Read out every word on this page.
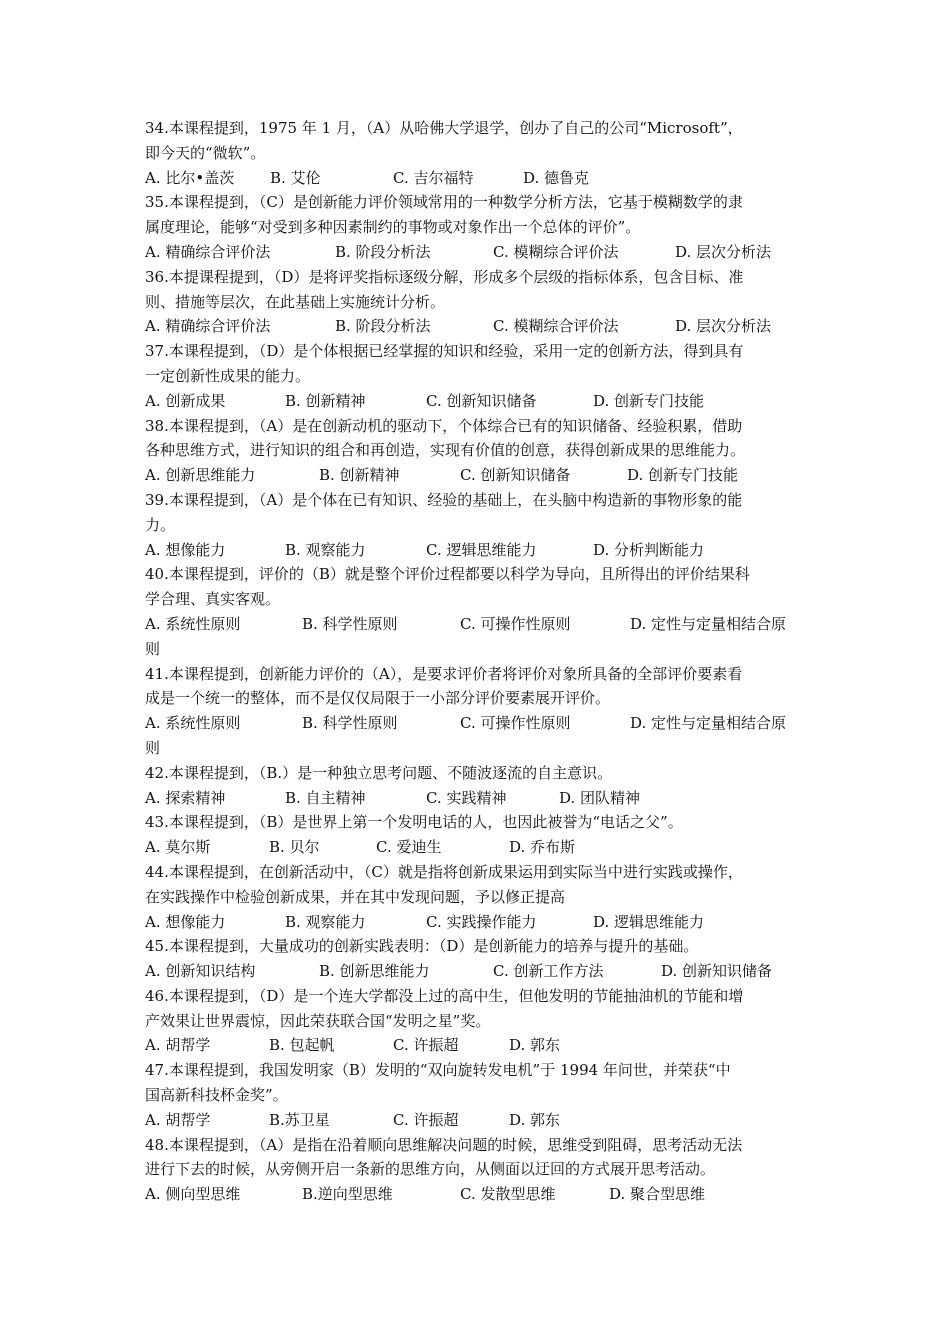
34.本课程提到，1975 年 1 月，（A）从哈佛大学退学，创办了自己的公司“Microsoft”，
即今天的“微软”。
A. 比尔•盖茨 B. 艾伦	C. 吉尔福特	D. 德鲁克
35.本课程提到，（C）是创新能力评价领域常用的一种数学分析方法，它基于模糊数学的隶
属度理论，能够“对受到多种因素制约的事物或对象作出一个总体的评价”。
A. 精确综合评价法	B. 阶段分析法	C. 模糊综合评价法	D. 层次分析法
36.本提课程提到，（D）是将评奖指标逐级分解，形成多个层级的指标体系，包含目标、准
则、措施等层次，在此基础上实施统计分析。
A. 精确综合评价法	B. 阶段分析法	C. 模糊综合评价法	D. 层次分析法
37.本课程提到，（D）是个体根据已经掌握的知识和经验，采用一定的创新方法，得到具有
一定创新性成果的能力。
A. 创新成果	B. 创新精神	C. 创新知识储备	D. 创新专门技能
38.本课程提到，（A）是在创新动机的驱动下，个体综合已有的知识储备、经验积累，借助
各种思维方式，进行知识的组合和再创造，实现有价值的创意，获得创新成果的思维能力。
A. 创新思维能力	B. 创新精神	C. 创新知识储备	D. 创新专门技能
39.本课程提到，（A）是个体在已有知识、经验的基础上，在头脑中构造新的事物形象的能
力。
A. 想像能力	B. 观察能力	C. 逻辑思维能力	D. 分析判断能力
40.本课程提到，评价的（B）就是整个评价过程都要以科学为导向，且所得出的评价结果科
学合理、真实客观。
A. 系统性原则	B. 科学性原则	C. 可操作性原则	D. 定性与定量相结合原
则
41.本课程提到，创新能力评价的（A），是要求评价者将评价对象所具备的全部评价要素看
成是一个统一的整体，而不是仅仅局限于一小部分评价要素展开评价。
A. 系统性原则	B. 科学性原则	C. 可操作性原则	D. 定性与定量相结合原
则
42.本课程提到，（B.）是一种独立思考问题、不随波逐流的自主意识。
A. 探索精神	B. 自主精神	C. 实践精神	D. 团队精神
43.本课程提到，（B）是世界上第一个发明电话的人，也因此被誉为“电话之父”。
A. 莫尔斯	B. 贝尔	C. 爱迪生	D. 乔布斯
44.本课程提到，在创新活动中，（C）就是指将创新成果运用到实际当中进行实践或操作，
在实践操作中检验创新成果，并在其中发现问题，予以修正提高
A. 想像能力	B. 观察能力	C. 实践操作能力	D. 逻辑思维能力
45.本课程提到，大量成功的创新实践表明：（D）是创新能力的培养与提升的基础。
A. 创新知识结构	B. 创新思维能力	C. 创新工作方法	D. 创新知识储备
46.本课程提到，（D）是一个连大学都没上过的高中生，但他发明的节能抽油机的节能和增
产效果让世界震惊，因此荣获联合国“发明之星”奖。
A. 胡帮学	B. 包起帆	C. 许振超	D. 郭东
47.本课程提到，我国发明家（B）发明的“双向旋转发电机”于 1994 年问世，并荣获“中
国高新科技杯金奖”。
A. 胡帮学	B.苏卫星	C. 许振超	D. 郭东
48.本课程提到，（A）是指在沿着顺向思维解决问题的时候，思维受到阻碍，思考活动无法
进行下去的时候，从旁侧开启一条新的思维方向，从侧面以迂回的方式展开思考活动。
A. 侧向型思维	B.逆向型思维	C. 发散型思维	D. 聚合型思维
